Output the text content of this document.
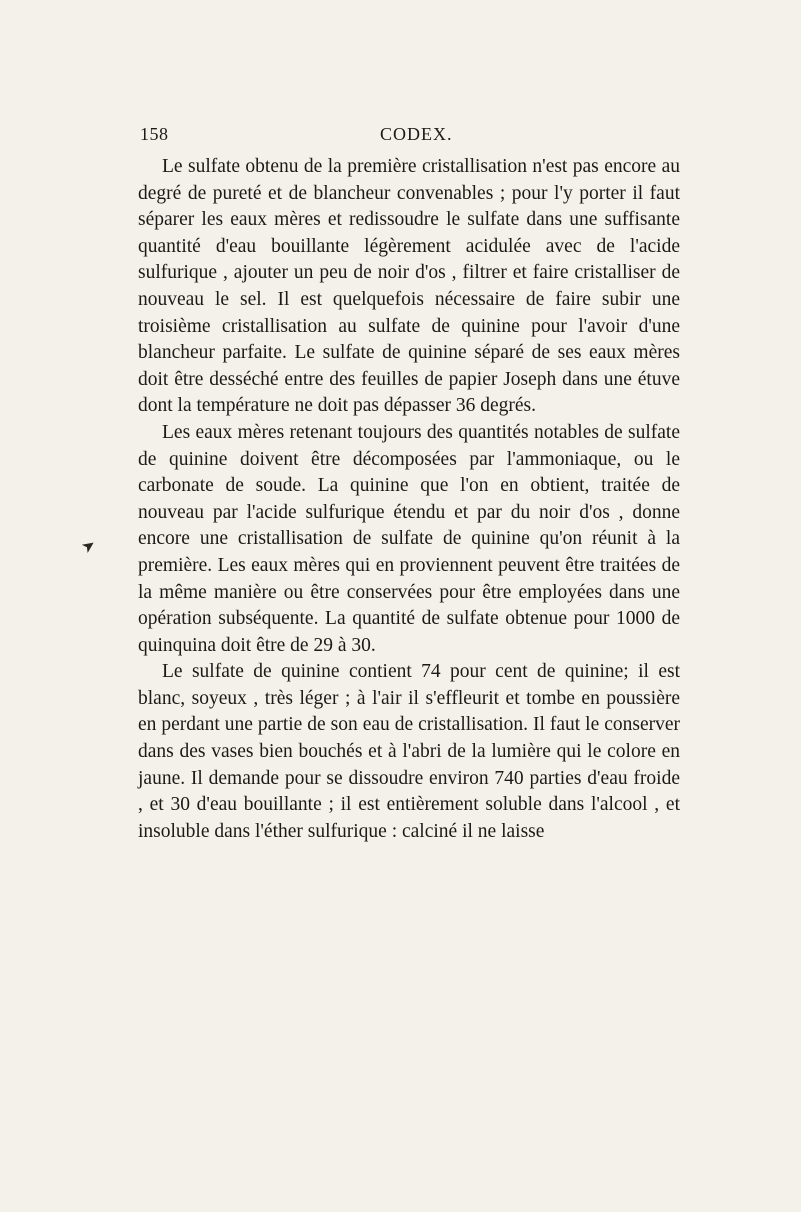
158	CODEX.
➤

Le sulfate obtenu de la première cristallisation n'est pas encore au degré de pureté et de blancheur convenables ; pour l'y porter il faut séparer les eaux mères et redissoudre le sulfate dans une suffisante quantité d'eau bouillante légèrement acidulée avec de l'acide sulfurique , ajouter un peu de noir d'os , filtrer et faire cristalliser de nouveau le sel. Il est quelquefois nécessaire de faire subir une troisième cristallisation au sulfate de quinine pour l'avoir d'une blancheur parfaite. Le sulfate de quinine séparé de ses eaux mères doit être desséché entre des feuilles de papier Joseph dans une étuve dont la température ne doit pas dépasser 36 degrés.

Les eaux mères retenant toujours des quantités notables de sulfate de quinine doivent être décomposées par l'ammoniaque, ou le carbonate de soude. La quinine que l'on en obtient, traitée de nouveau par l'acide sulfurique étendu et par du noir d'os , donne encore une cristallisation de sulfate de quinine qu'on réunit à la première. Les eaux mères qui en proviennent peuvent être traitées de la même manière ou être conservées pour être employées dans une opération subséquente. La quantité de sulfate obtenue pour 1000 de quinquina doit être de 29 à 30.

Le sulfate de quinine contient 74 pour cent de quinine; il est blanc, soyeux , très léger ; à l'air il s'effleurit et tombe en poussière en perdant une partie de son eau de cristallisation. Il faut le conserver dans des vases bien bouchés et à l'abri de la lumière qui le colore en jaune. Il demande pour se dissoudre environ 740 parties d'eau froide , et 30 d'eau bouillante ; il est entièrement soluble dans l'alcool , et insoluble dans l'éther sulfurique : calciné il ne laisse
